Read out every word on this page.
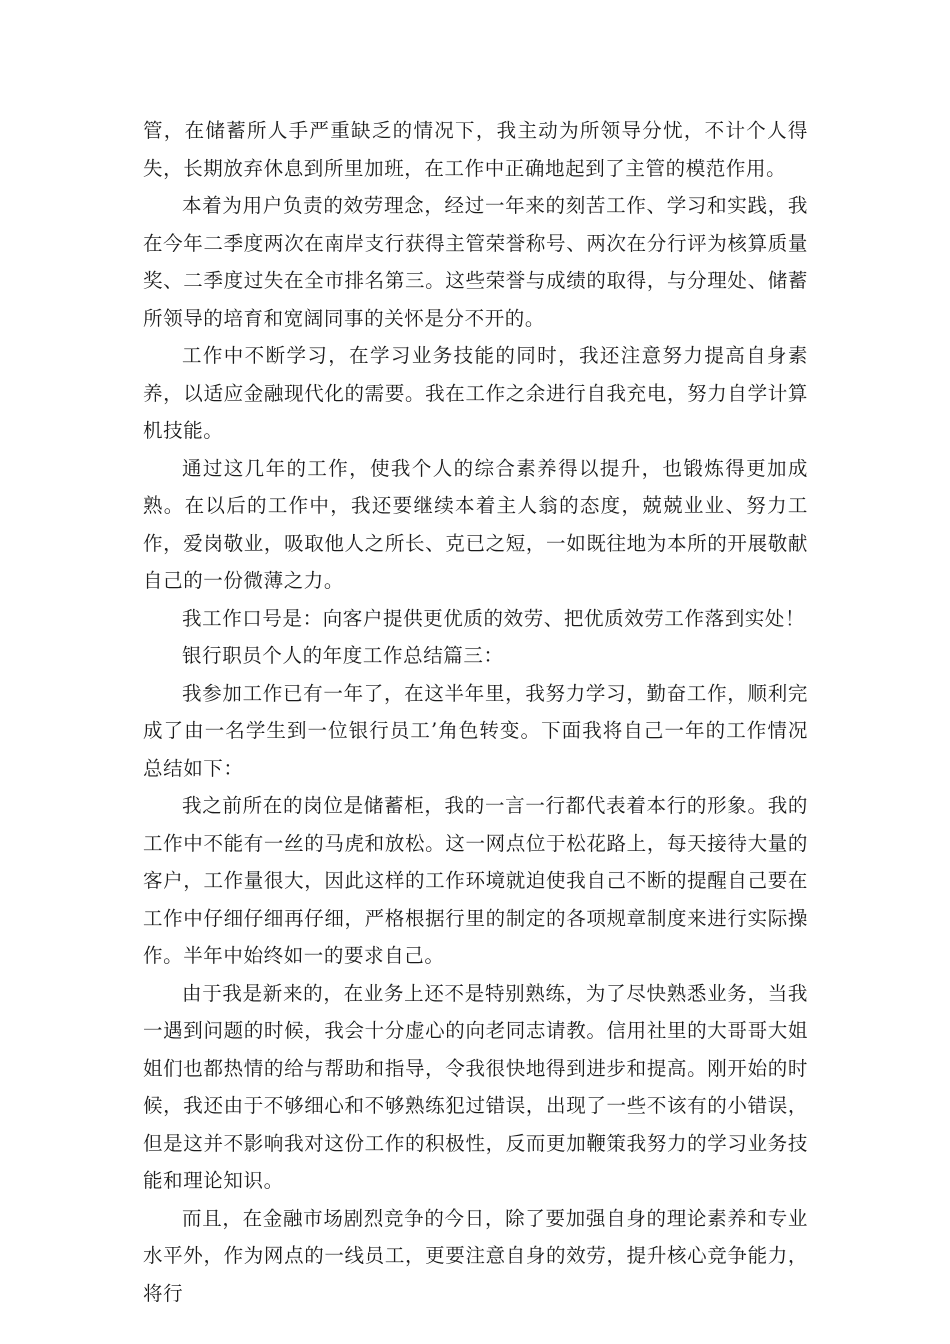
管，在储蓄所人手严重缺乏的情况下，我主动为所领导分忧，不计个人得失，长期放弃休息到所里加班，在工作中正确地起到了主管的模范作用。

本着为用户负责的效劳理念，经过一年来的刻苦工作、学习和实践，我在今年二季度两次在南岸支行获得主管荣誉称号、两次在分行评为核算质量奖、二季度过失在全市排名第三。这些荣誉与成绩的取得，与分理处、储蓄所领导的培育和宽阔同事的关怀是分不开的。

工作中不断学习，在学习业务技能的同时，我还注意努力提高自身素养，以适应金融现代化的需要。我在工作之余进行自我充电，努力自学计算机技能。

通过这几年的工作，使我个人的综合素养得以提升，也锻炼得更加成熟。在以后的工作中，我还要继续本着主人翁的态度，兢兢业业、努力工作，爱岗敬业，吸取他人之所长、克已之短，一如既往地为本所的开展敬献自己的一份微薄之力。

我工作口号是：向客户提供更优质的效劳、把优质效劳工作落到实处！

银行职员个人的年度工作总结篇三：

我参加工作已有一年了，在这半年里，我努力学习，勤奋工作，顺利完成了由一名学生到一位银行员工’角色转变。下面我将自己一年的工作情况总结如下：

我之前所在的岗位是储蓄柜，我的一言一行都代表着本行的形象。我的工作中不能有一丝的马虎和放松。这一网点位于松花路上，每天接待大量的客户，工作量很大，因此这样的工作环境就迫使我自己不断的提醒自己要在工作中仔细仔细再仔细，严格根据行里的制定的各项规章制度来进行实际操作。半年中始终如一的要求自己。

由于我是新来的，在业务上还不是特别熟练，为了尽快熟悉业务，当我一遇到问题的时候，我会十分虚心的向老同志请教。信用社里的大哥哥大姐姐们也都热情的给与帮助和指导，令我很快地得到进步和提高。刚开始的时候，我还由于不够细心和不够熟练犯过错误，出现了一些不该有的小错误，但是这并不影响我对这份工作的积极性，反而更加鞭策我努力的学习业务技能和理论知识。

而且，在金融市场剧烈竞争的今日，除了要加强自身的理论素养和专业水平外，作为网点的一线员工，更要注意自身的效劳，提升核心竞争能力，将行
